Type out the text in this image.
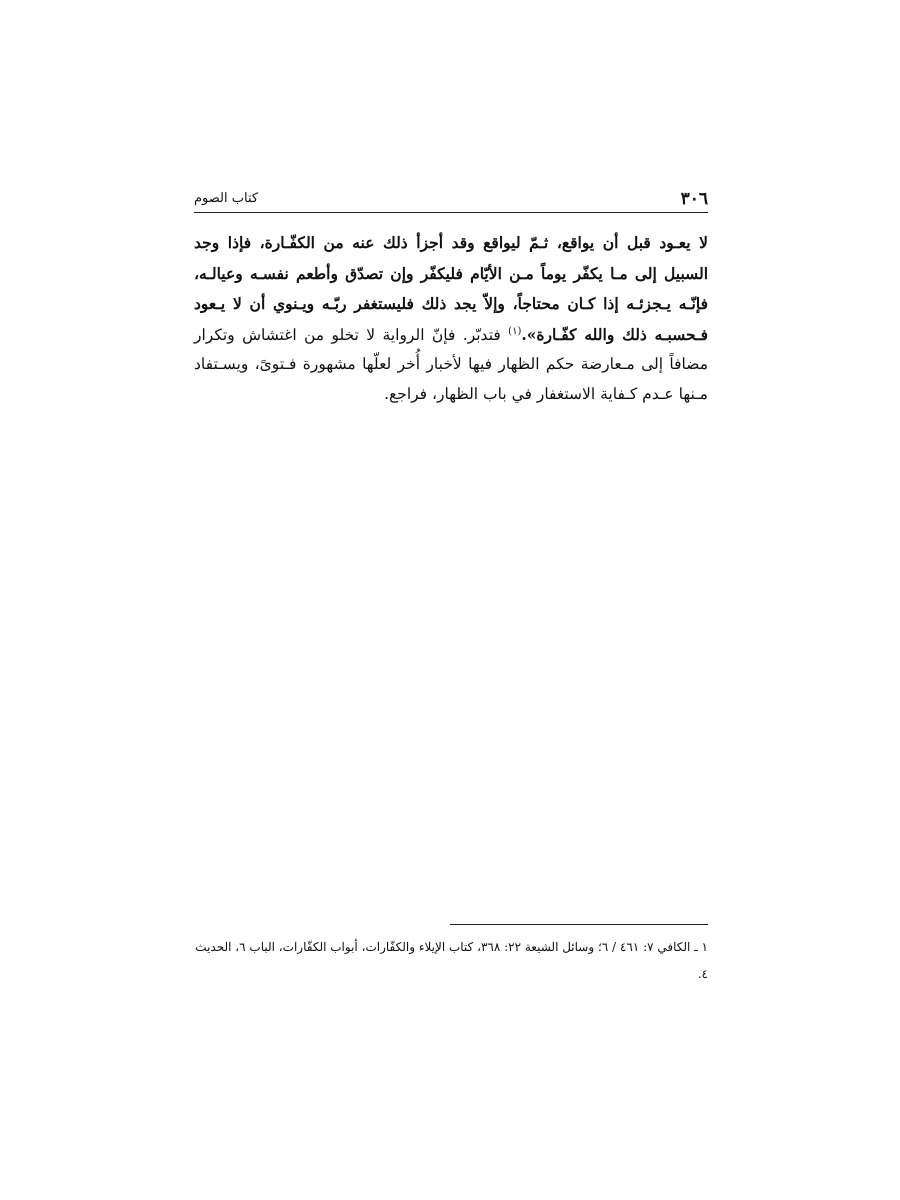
٣٠٦
كتاب الصوم

لا يعـود قبل أن يواقع، ثـمّ ليواقع وقد أجزأ ذلك عنه من الكفّـارة، فإذا وجد السبيل إلى مـا يكفّر يوماً مـن الأيّام فليكفّر وإن تصدّق وأطعم نفسـه وعيالـه، فإنّـه يـجزئـه إذا كـان محتاجاً، وإلاّ يجد ذلك فليستغفر ربّـه ويـنوي أن لا يـعود فـحسبـه ذلك والله كفّـارة».$^{(١)}$ فتدبّر. فإنّ الرواية لا تخلو من اغتشاش وتكرار مضافاً إلى مـعارضة حكم الظهار فيها لأخبار أُخر لعلّها مشهورة فـتوىً، ويسـتفاد مـنها عـدم كـفاية الاستغفار في باب الظهار، فراجع.

١ ـ الكافي ٧: ٤٦١ / ٦؛ وسائل الشيعة ٢٢: ٣٦٨، كتاب الإيلاء والكفّارات، أبواب الكفّارات، الباب ٦، الحديث ٤.
